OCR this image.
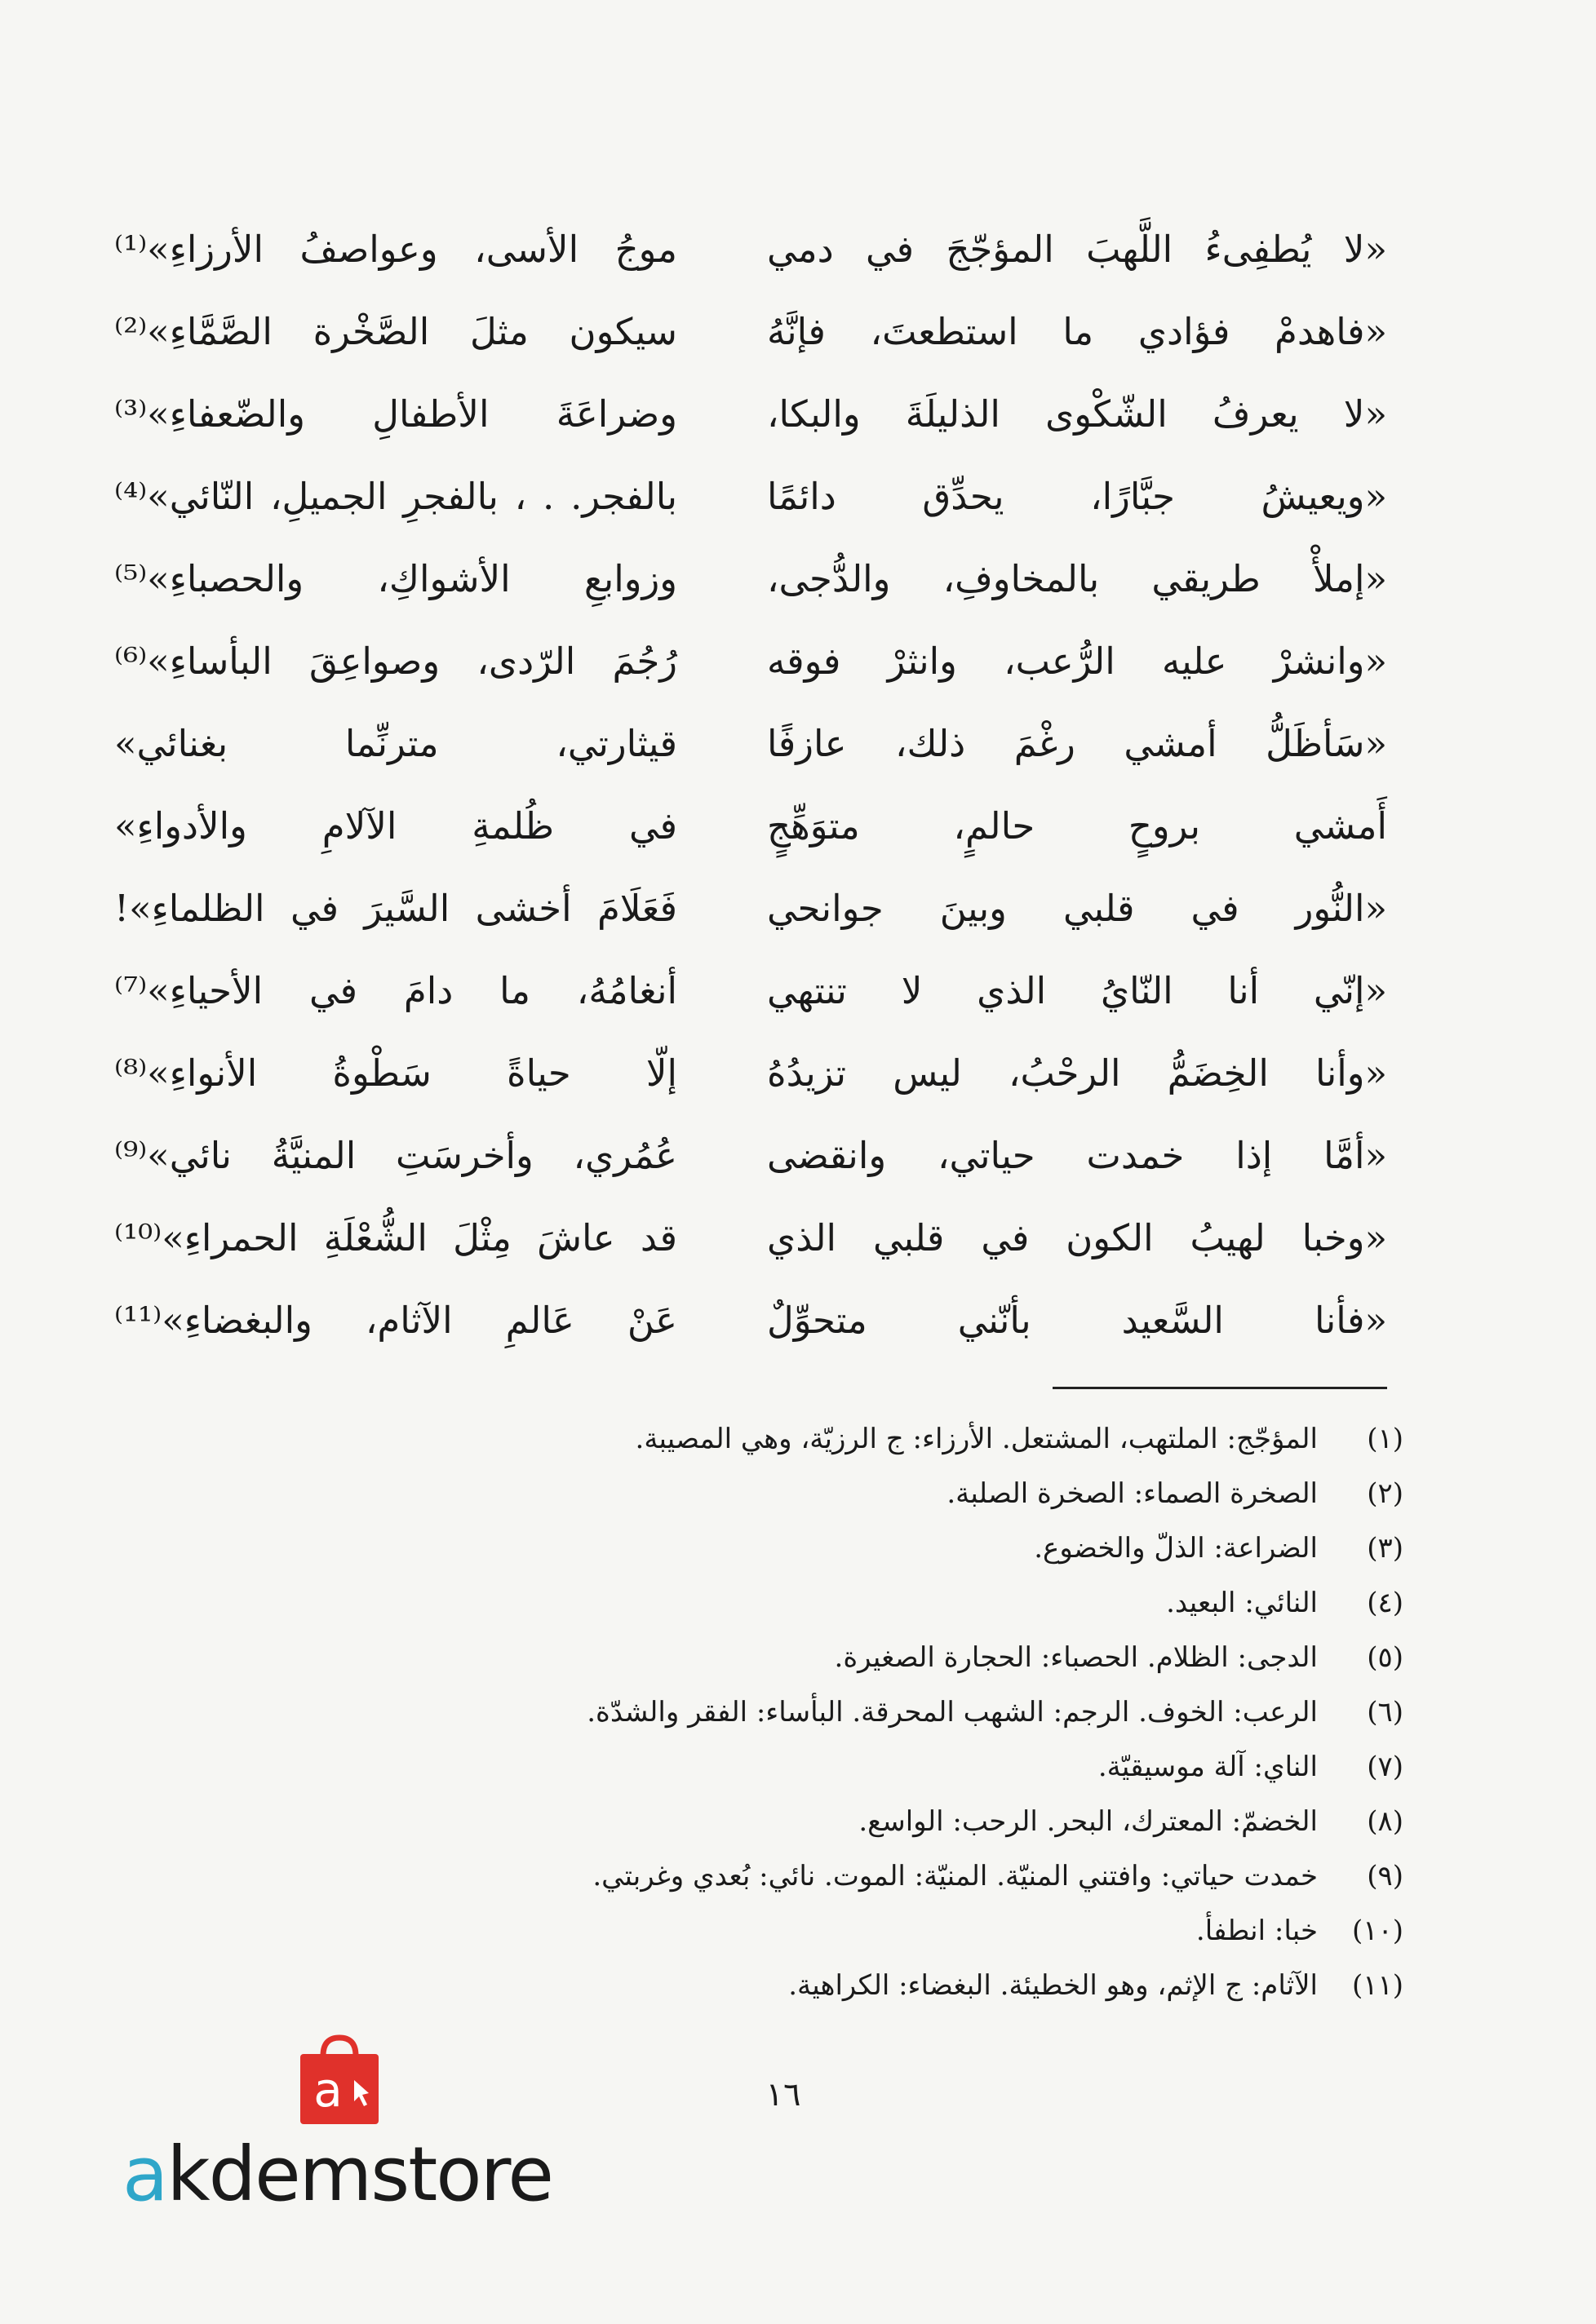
«لا يُطفِىءُ اللَّهبَ المؤجّجَ في دمي
موجُ الأسى، وعواصفُ الأرزاءِ»⁽¹⁾
«فاهدمْ فؤادي ما استطعتَ، فإنَّهُ
سيكون مثلَ الصَّخْرة الصَّمَّاءِ»⁽²⁾
«لا يعرفُ الشّكْوى الذليلَةَ والبكا،
وضراعَةَ الأطفالِ والضّعفاءِ»⁽³⁾
«ويعيشُ جبَّارًا، يحدِّق دائمًا
بالفجر. . ، بالفجرِ الجميلِ، النّائي»⁽⁴⁾
«إملأْ طريقي بالمخاوفِ، والدُّجى،
وزوابعِ الأشواكِ، والحصباءِ»⁽⁵⁾
«وانشرْ عليه الرُّعب، وانثرْ فوقه
رُجُمَ الرّدى، وصواعِقَ البأساءِ»⁽⁶⁾
«سَأظَلُّ أمشي رغْمَ ذلك، عازفًا
قيثارتي، مترنِّما بغنائي»
أَمشي بروحٍ حالمٍ، متوَهِّجٍ
في ظُلمةِ الآلامِ والأدواءِ»
«النُّور في قلبي وبينَ جوانحي
فَعَلَامَ أخشى السَّيرَ في الظلماءِ»!
«إنّي أنا النّايُ الذي لا تنتهي
أنغامُهُ، ما دامَ في الأحياءِ»⁽⁷⁾
«وأنا الخِضَمُّ الرحْبُ، ليس تزيدُهُ
إلّا حياةً سَطْوةُ الأنواءِ»⁽⁸⁾
«أمَّا إذا خمدت حياتي، وانقضى
عُمُري، وأخرسَتِ المنيَّةُ نائي»⁽⁹⁾
«وخبا لهيبُ الكون في قلبي الذي
قد عاشَ مِثْلَ الشُّعْلَةِ الحمراءِ»⁽¹⁰⁾
«فأنا السَّعيد بأنّني متحوِّلٌ
عَنْ عَالمِ الآثام، والبغضاءِ»⁽¹¹⁾
(١)
المؤجّج: الملتهب، المشتعل. الأرزاء: ج الرزيّة، وهي المصيبة.
(٢)
الصخرة الصماء: الصخرة الصلبة.
(٣)
الضراعة: الذلّ والخضوع.
(٤)
النائي: البعيد.
(٥)
الدجى: الظلام. الحصباء: الحجارة الصغيرة.
(٦)
الرعب: الخوف. الرجم: الشهب المحرقة. البأساء: الفقر والشدّة.
(٧)
الناي: آلة موسيقيّة.
(٨)
الخضمّ: المعترك، البحر. الرحب: الواسع.
(٩)
خمدت حياتي: وافتني المنيّة. المنيّة: الموت. نائي: بُعدي وغربتي.
(١٠)
خبا: انطفأ.
(١١)
الآثام: ج الإثم، وهو الخطيئة. البغضاء: الكراهية.
١٦
a
akdemstore
